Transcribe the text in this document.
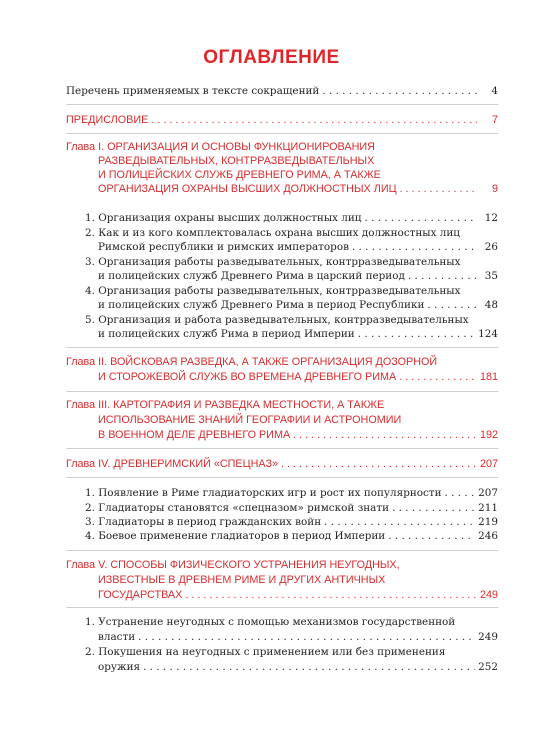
ОГЛАВЛЕНИЕ
Перечень применяемых в тексте сокращений . . .	4
ПРЕДИСЛОВИЕ . . .	7
Глава I. ОРГАНИЗАЦИЯ И ОСНОВЫ ФУНКЦИОНИРОВАНИЯ
РАЗВЕДЫВАТЕЛЬНЫХ, КОНТРРАЗВЕДЫВАТЕЛЬНЫХ
И ПОЛИЦЕЙСКИХ СЛУЖБ ДРЕВНЕГО РИМА, А ТАКЖЕ
ОРГАНИЗАЦИЯ ОХРАНЫ ВЫСШИХ ДОЛЖНОСТНЫХ ЛИЦ . . .	9
1. Организация охраны высших должностных лиц . . .	12
2. Как и из кого комплектовалась охрана высших должностных лиц
Римской республики и римских императоров . . .	26
3. Организация работы разведывательных, контрразведывательных
и полицейских служб Древнего Рима в царский период . . .	35
4. Организация работы разведывательных, контрразведывательных
и полицейских служб Древнего Рима в период Республики . . .	48
5. Организация и работа разведывательных, контрразведывательных
и полицейских служб Рима в период Империи . . .	124
Глава II. ВОЙСКОВАЯ РАЗВЕДКА, А ТАКЖЕ ОРГАНИЗАЦИЯ ДОЗОРНОЙ
И СТОРОЖЕВОЙ СЛУЖБ ВО ВРЕМЕНА ДРЕВНЕГО РИМА . . .	181
Глава III. КАРТОГРАФИЯ И РАЗВЕДКА МЕСТНОСТИ, А ТАКЖЕ
ИСПОЛЬЗОВАНИЕ ЗНАНИЙ ГЕОГРАФИИ И АСТРОНОМИИ
В ВОЕННОМ ДЕЛЕ ДРЕВНЕГО РИМА . . .	192
Глава IV. ДРЕВНЕРИМСКИЙ «СПЕЦНАЗ» . . .	207
1. Появление в Риме гладиаторских игр и рост их популярности . . .	207
2. Гладиаторы становятся «спецназом» римской знати . . .	211
3. Гладиаторы в период гражданских войн . . .	219
4. Боевое применение гладиаторов в период Империи . . .	246
Глава V. СПОСОБЫ ФИЗИЧЕСКОГО УСТРАНЕНИЯ НЕУГОДНЫХ,
ИЗВЕСТНЫЕ В ДРЕВНЕМ РИМЕ И ДРУГИХ АНТИЧНЫХ
ГОСУДАРСТВАХ . . .	249
1. Устранение неугодных с помощью механизмов государственной
власти . . .	249
2. Покушения на неугодных с применением или без применения
оружия . . .	252
